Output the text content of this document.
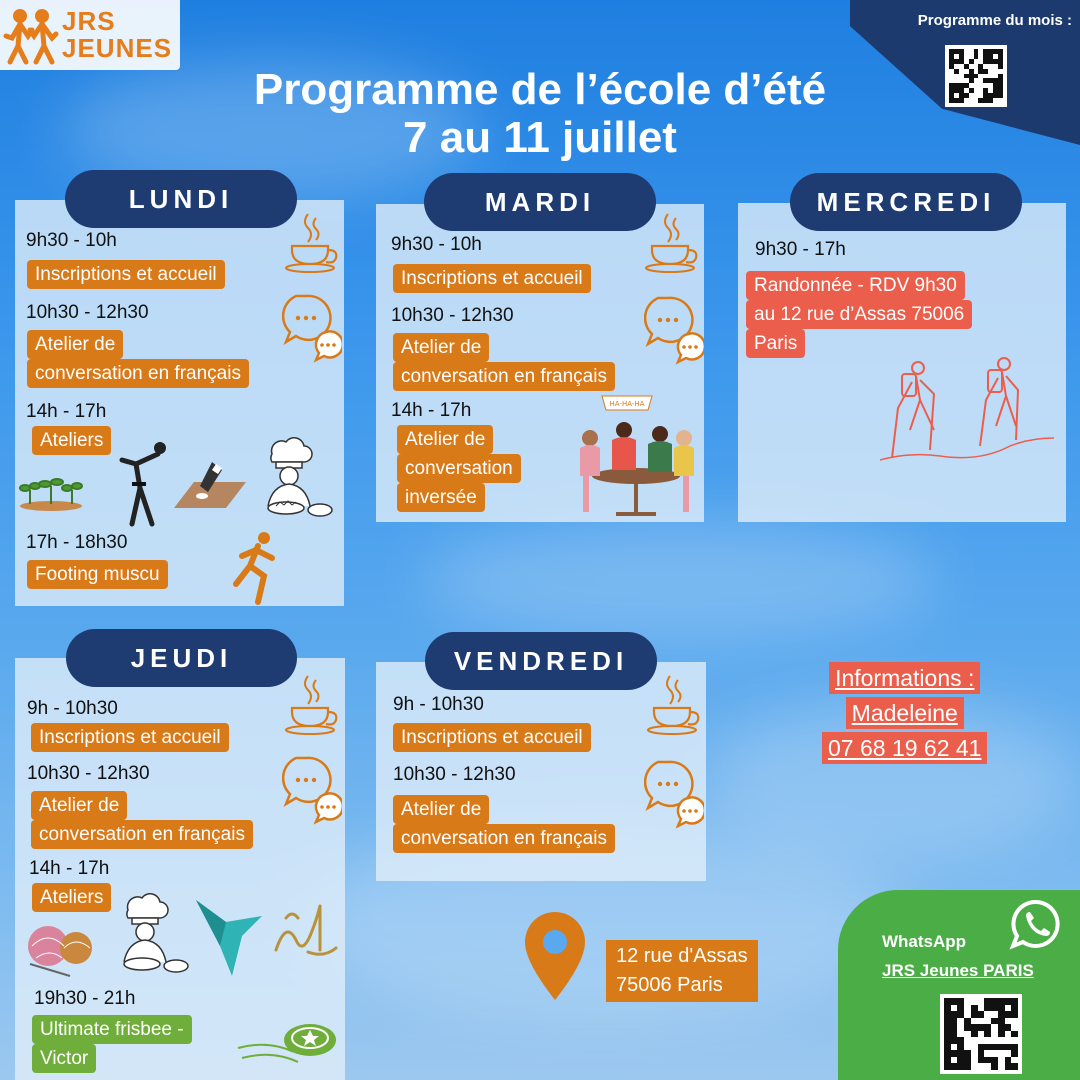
JRS
JEUNES
Programme du mois :
Programme de l’école d’été
7 au 11 juillet
9h30 - 10h
Inscriptions et accueil
10h30 - 12h30
Atelier de
conversation en français
14h - 17h
Ateliers
17h - 18h30
Footing muscu
LUNDI
9h30 - 10h
Inscriptions et accueil
10h30 - 12h30
Atelier de
conversation en français
14h - 17h
Atelier de
conversation
inversée
MARDI
9h30 - 17h
Randonnée - RDV 9h30
au 12 rue d’Assas 75006
Paris
MERCREDI
9h - 10h30
Inscriptions et accueil
10h30 - 12h30
Atelier de
conversation en français
14h - 17h
Ateliers
19h30 - 21h
Ultimate frisbee -
Victor
JEUDI
9h - 10h30
Inscriptions et accueil
10h30 - 12h30
Atelier de
conversation en français
VENDREDI
HA-HA-HA
Informations :
Madeleine
07 68 19 62 41
12 rue d'Assas
75006 Paris
WhatsApp
JRS Jeunes PARIS
